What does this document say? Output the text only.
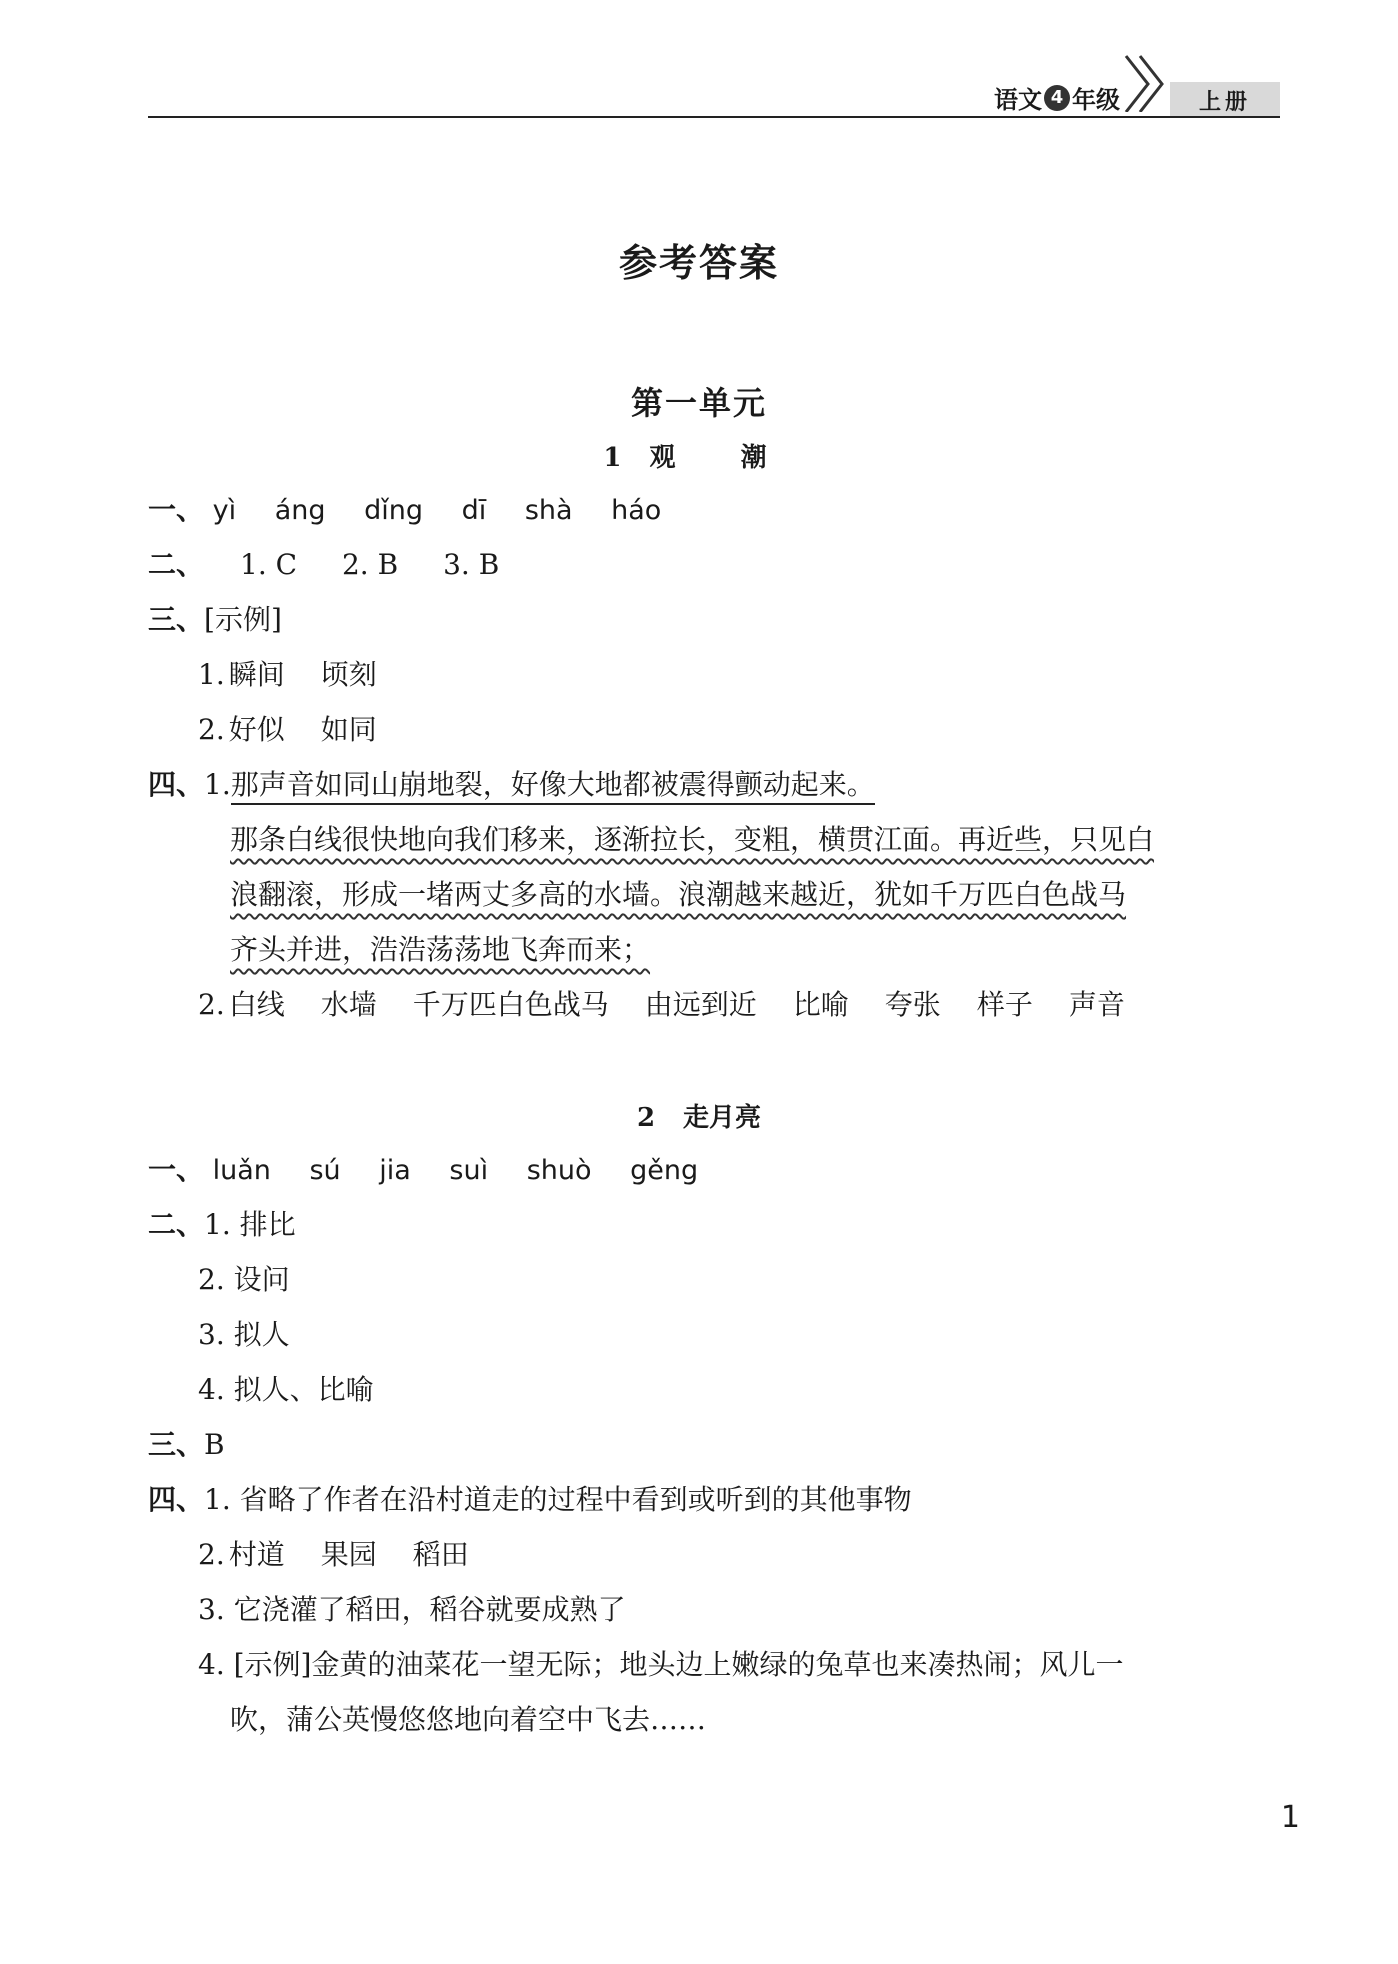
语文 4 年级	上册
参考答案
第一单元
1 观 潮
一、 yì áng dǐng dī shà háo
二、 1. C 2. B 3. B
三、[示例]
1. 瞬间 顷刻
2. 好似 如同
四、1.那声音如同山崩地裂，好像大地都被震得颤动起来。
那条白线很快地向我们移来，逐渐拉长，变粗，横贯江面。再近些，只见白
浪翻滚，形成一堵两丈多高的水墙。浪潮越来越近，犹如千万匹白色战马
齐头并进，浩浩荡荡地飞奔而来；
2. 白线 水墙 千万匹白色战马 由远到近 比喻 夸张 样子 声音
2 走月亮
一、 luǎn sú jia suì shuò gěng
二、1. 排比
2. 设问
3. 拟人
4. 拟人、比喻
三、B
四、1. 省略了作者在沿村道走的过程中看到或听到的其他事物
2. 村道 果园 稻田
3. 它浇灌了稻田，稻谷就要成熟了
4. [示例]金黄的油菜花一望无际；地头边上嫩绿的兔草也来凑热闹；风儿一
吹，蒲公英慢悠悠地向着空中飞去……
1
